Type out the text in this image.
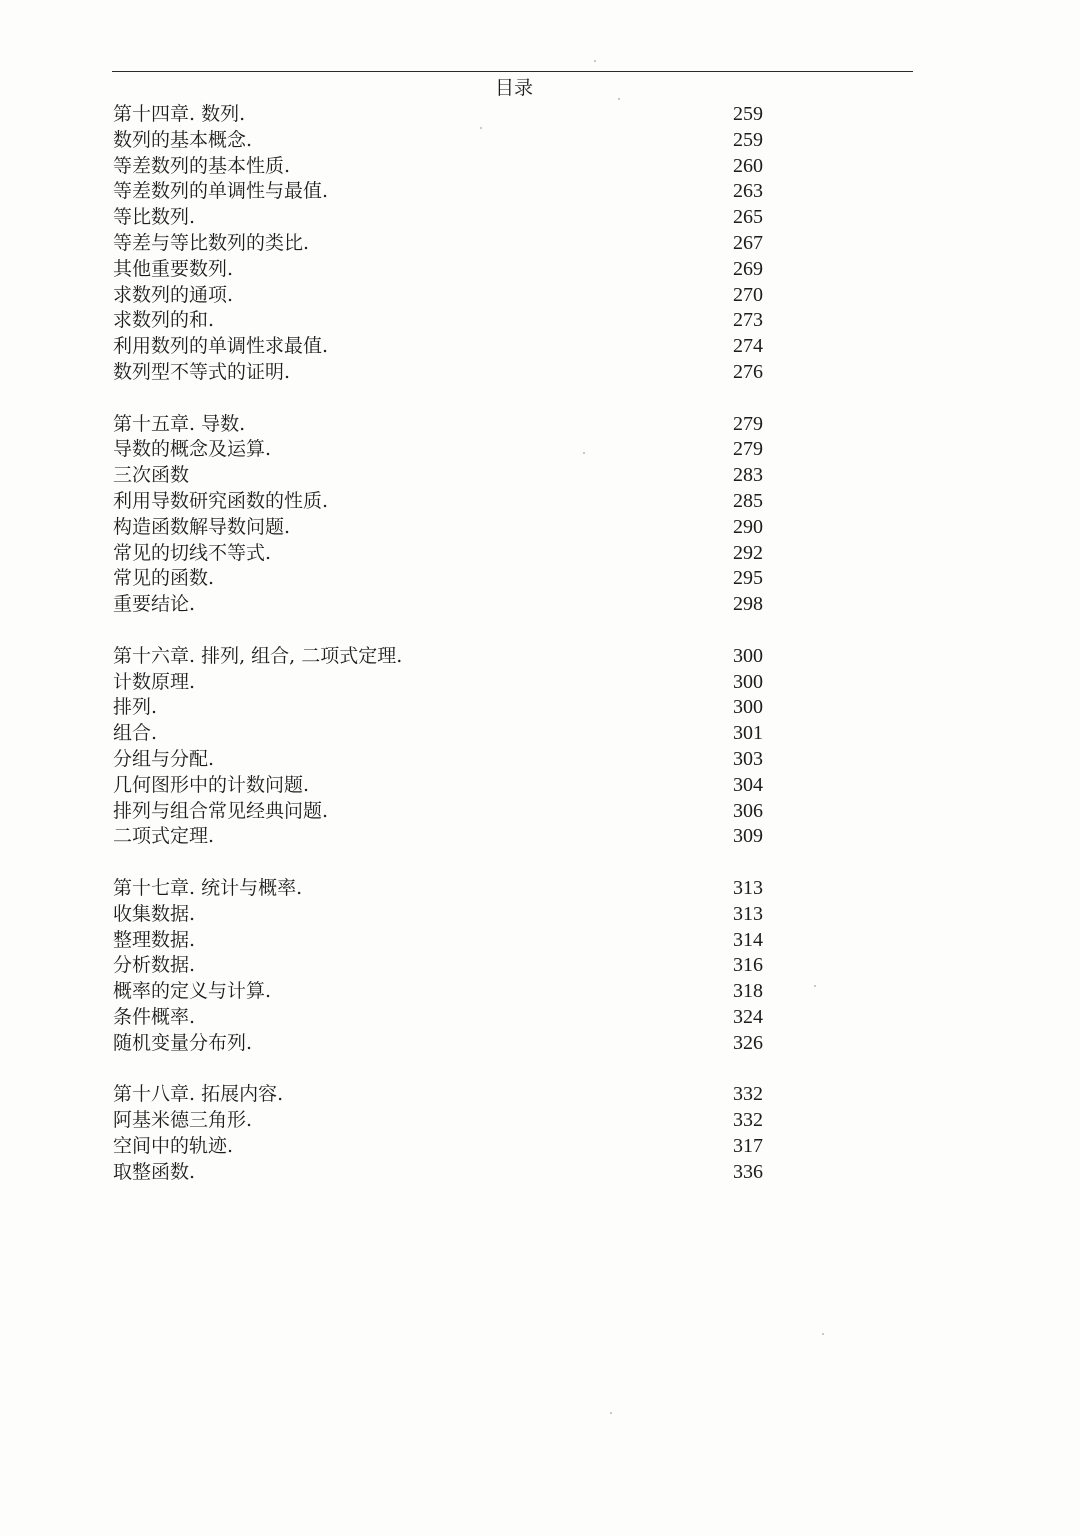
目录
第十四章. 数列.	259
数列的基本概念.	259
等差数列的基本性质.	260
等差数列的单调性与最值.	263
等比数列.	265
等差与等比数列的类比.	267
其他重要数列.	269
求数列的通项.	270
求数列的和.	273
利用数列的单调性求最值.	274
数列型不等式的证明.	276
第十五章. 导数.	279
导数的概念及运算.	279
三次函数	283
利用导数研究函数的性质.	285
构造函数解导数问题.	290
常见的切线不等式.	292
常见的函数.	295
重要结论.	298
第十六章. 排列, 组合, 二项式定理.	300
计数原理.	300
排列.	300
组合.	301
分组与分配.	303
几何图形中的计数问题.	304
排列与组合常见经典问题.	306
二项式定理.	309
第十七章. 统计与概率.	313
收集数据.	313
整理数据.	314
分析数据.	316
概率的定义与计算.	318
条件概率.	324
随机变量分布列.	326
第十八章. 拓展内容.	332
阿基米德三角形.	332
空间中的轨迹.	317
取整函数.	336
